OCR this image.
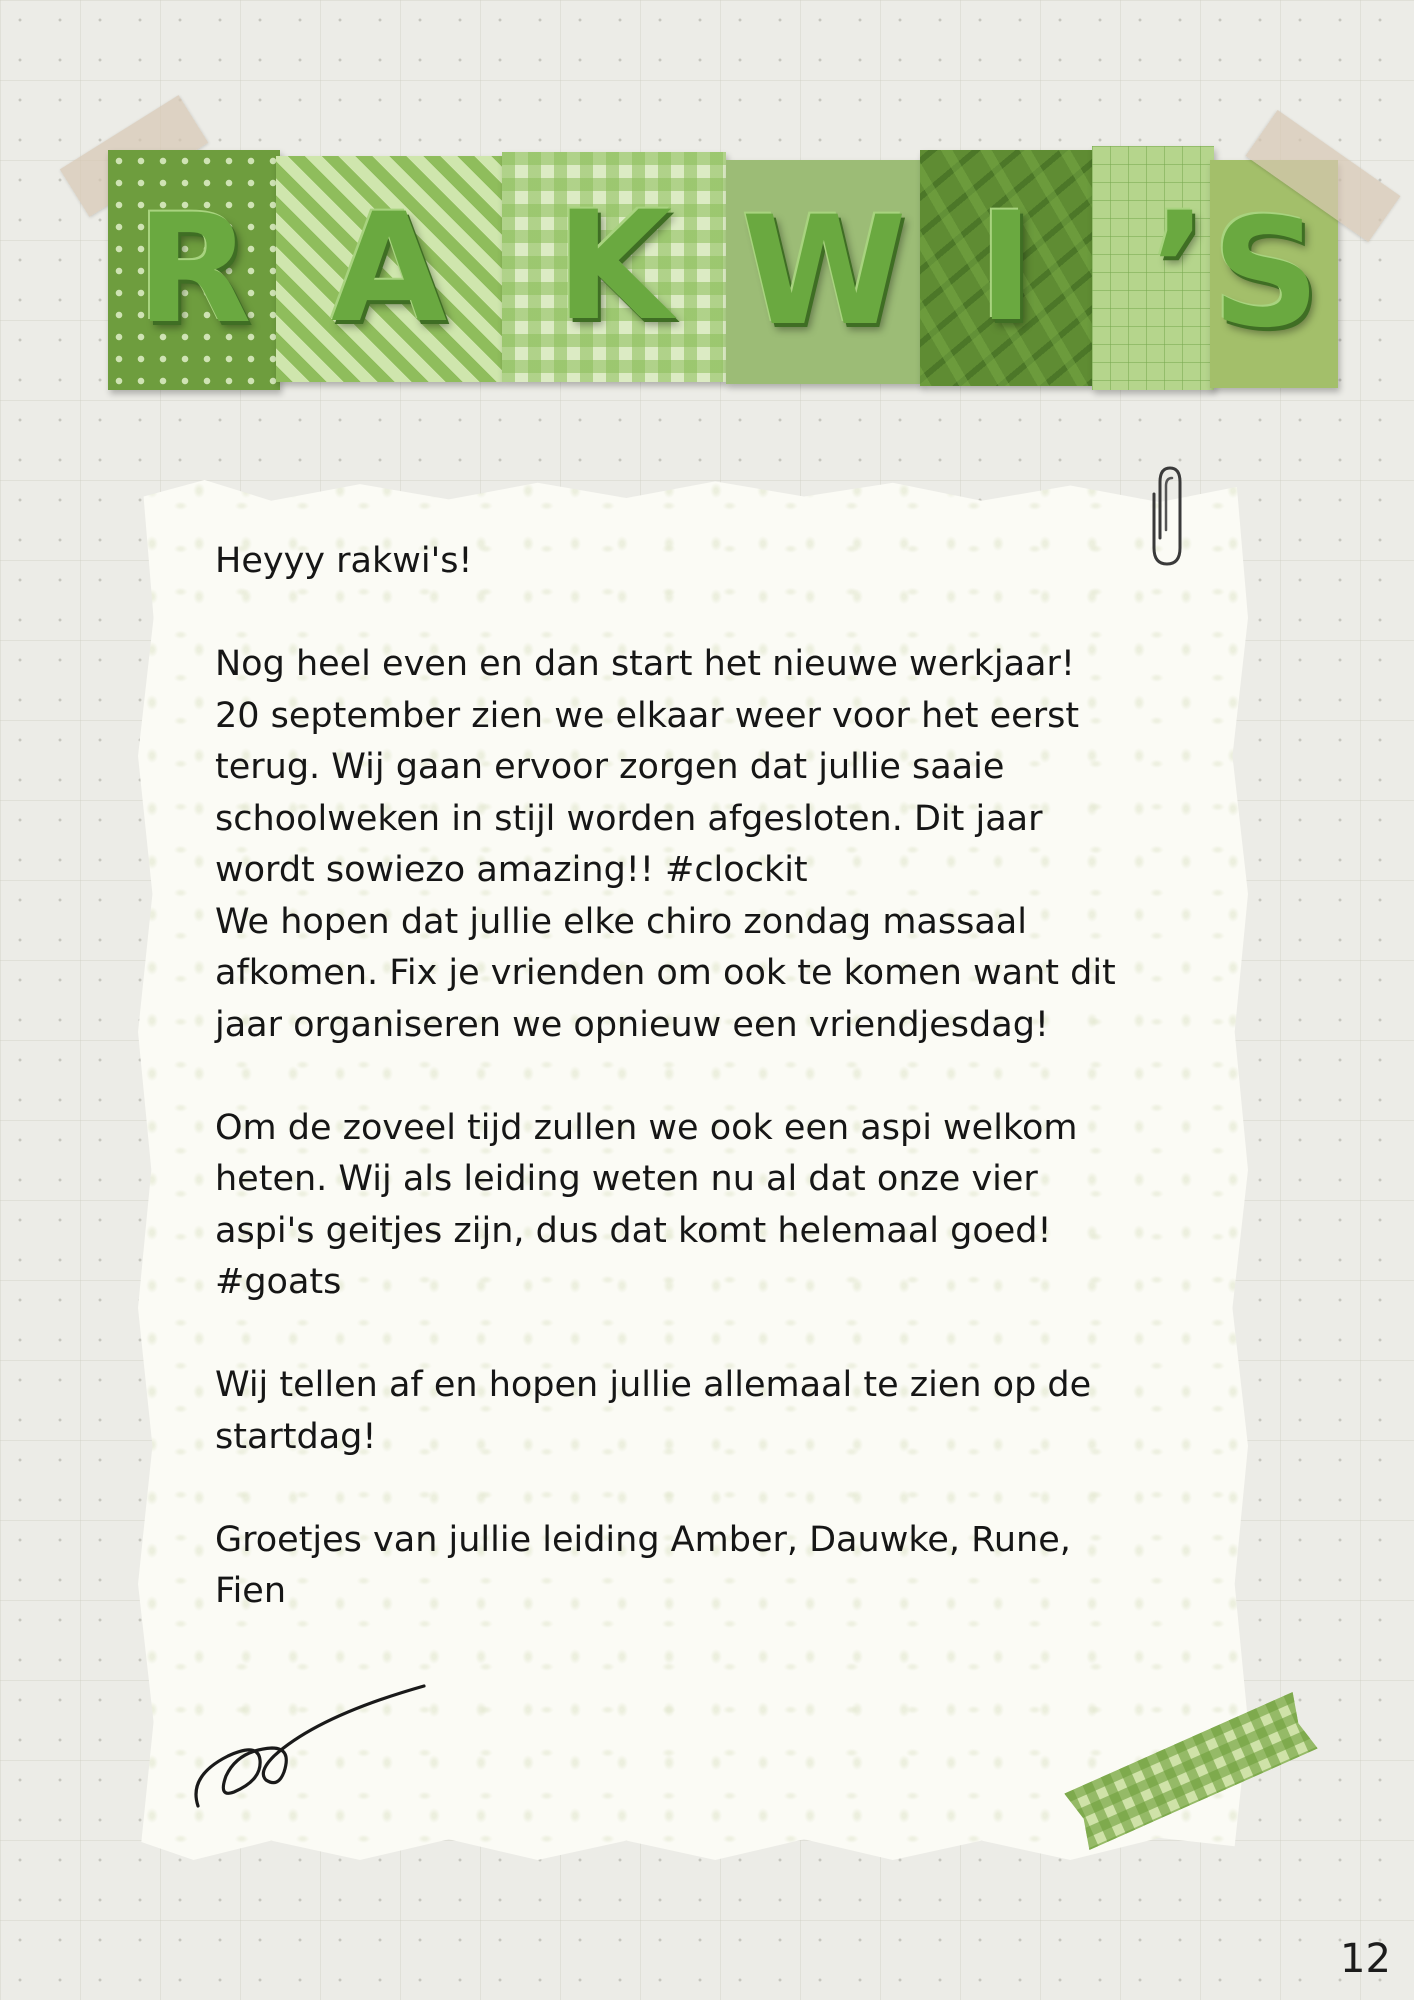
R A K W I ’ S

Heyyy rakwi's!

Nog heel even en dan start het nieuwe werkjaar!
20 september zien we elkaar weer voor het eerst
terug. Wij gaan ervoor zorgen dat jullie saaie
schoolweken in stijl worden afgesloten. Dit jaar
wordt sowiezo amazing!! #clockit
We hopen dat jullie elke chiro zondag massaal
afkomen. Fix je vrienden om ook te komen want dit
jaar organiseren we opnieuw een vriendjesdag!

Om de zoveel tijd zullen we ook een aspi welkom
heten. Wij als leiding weten nu al dat onze vier
aspi's geitjes zijn, dus dat komt helemaal goed!
#goats

Wij tellen af en hopen jullie allemaal te zien op de
startdag!

Groetjes van jullie leiding Amber, Dauwke, Rune,
Fien

12
